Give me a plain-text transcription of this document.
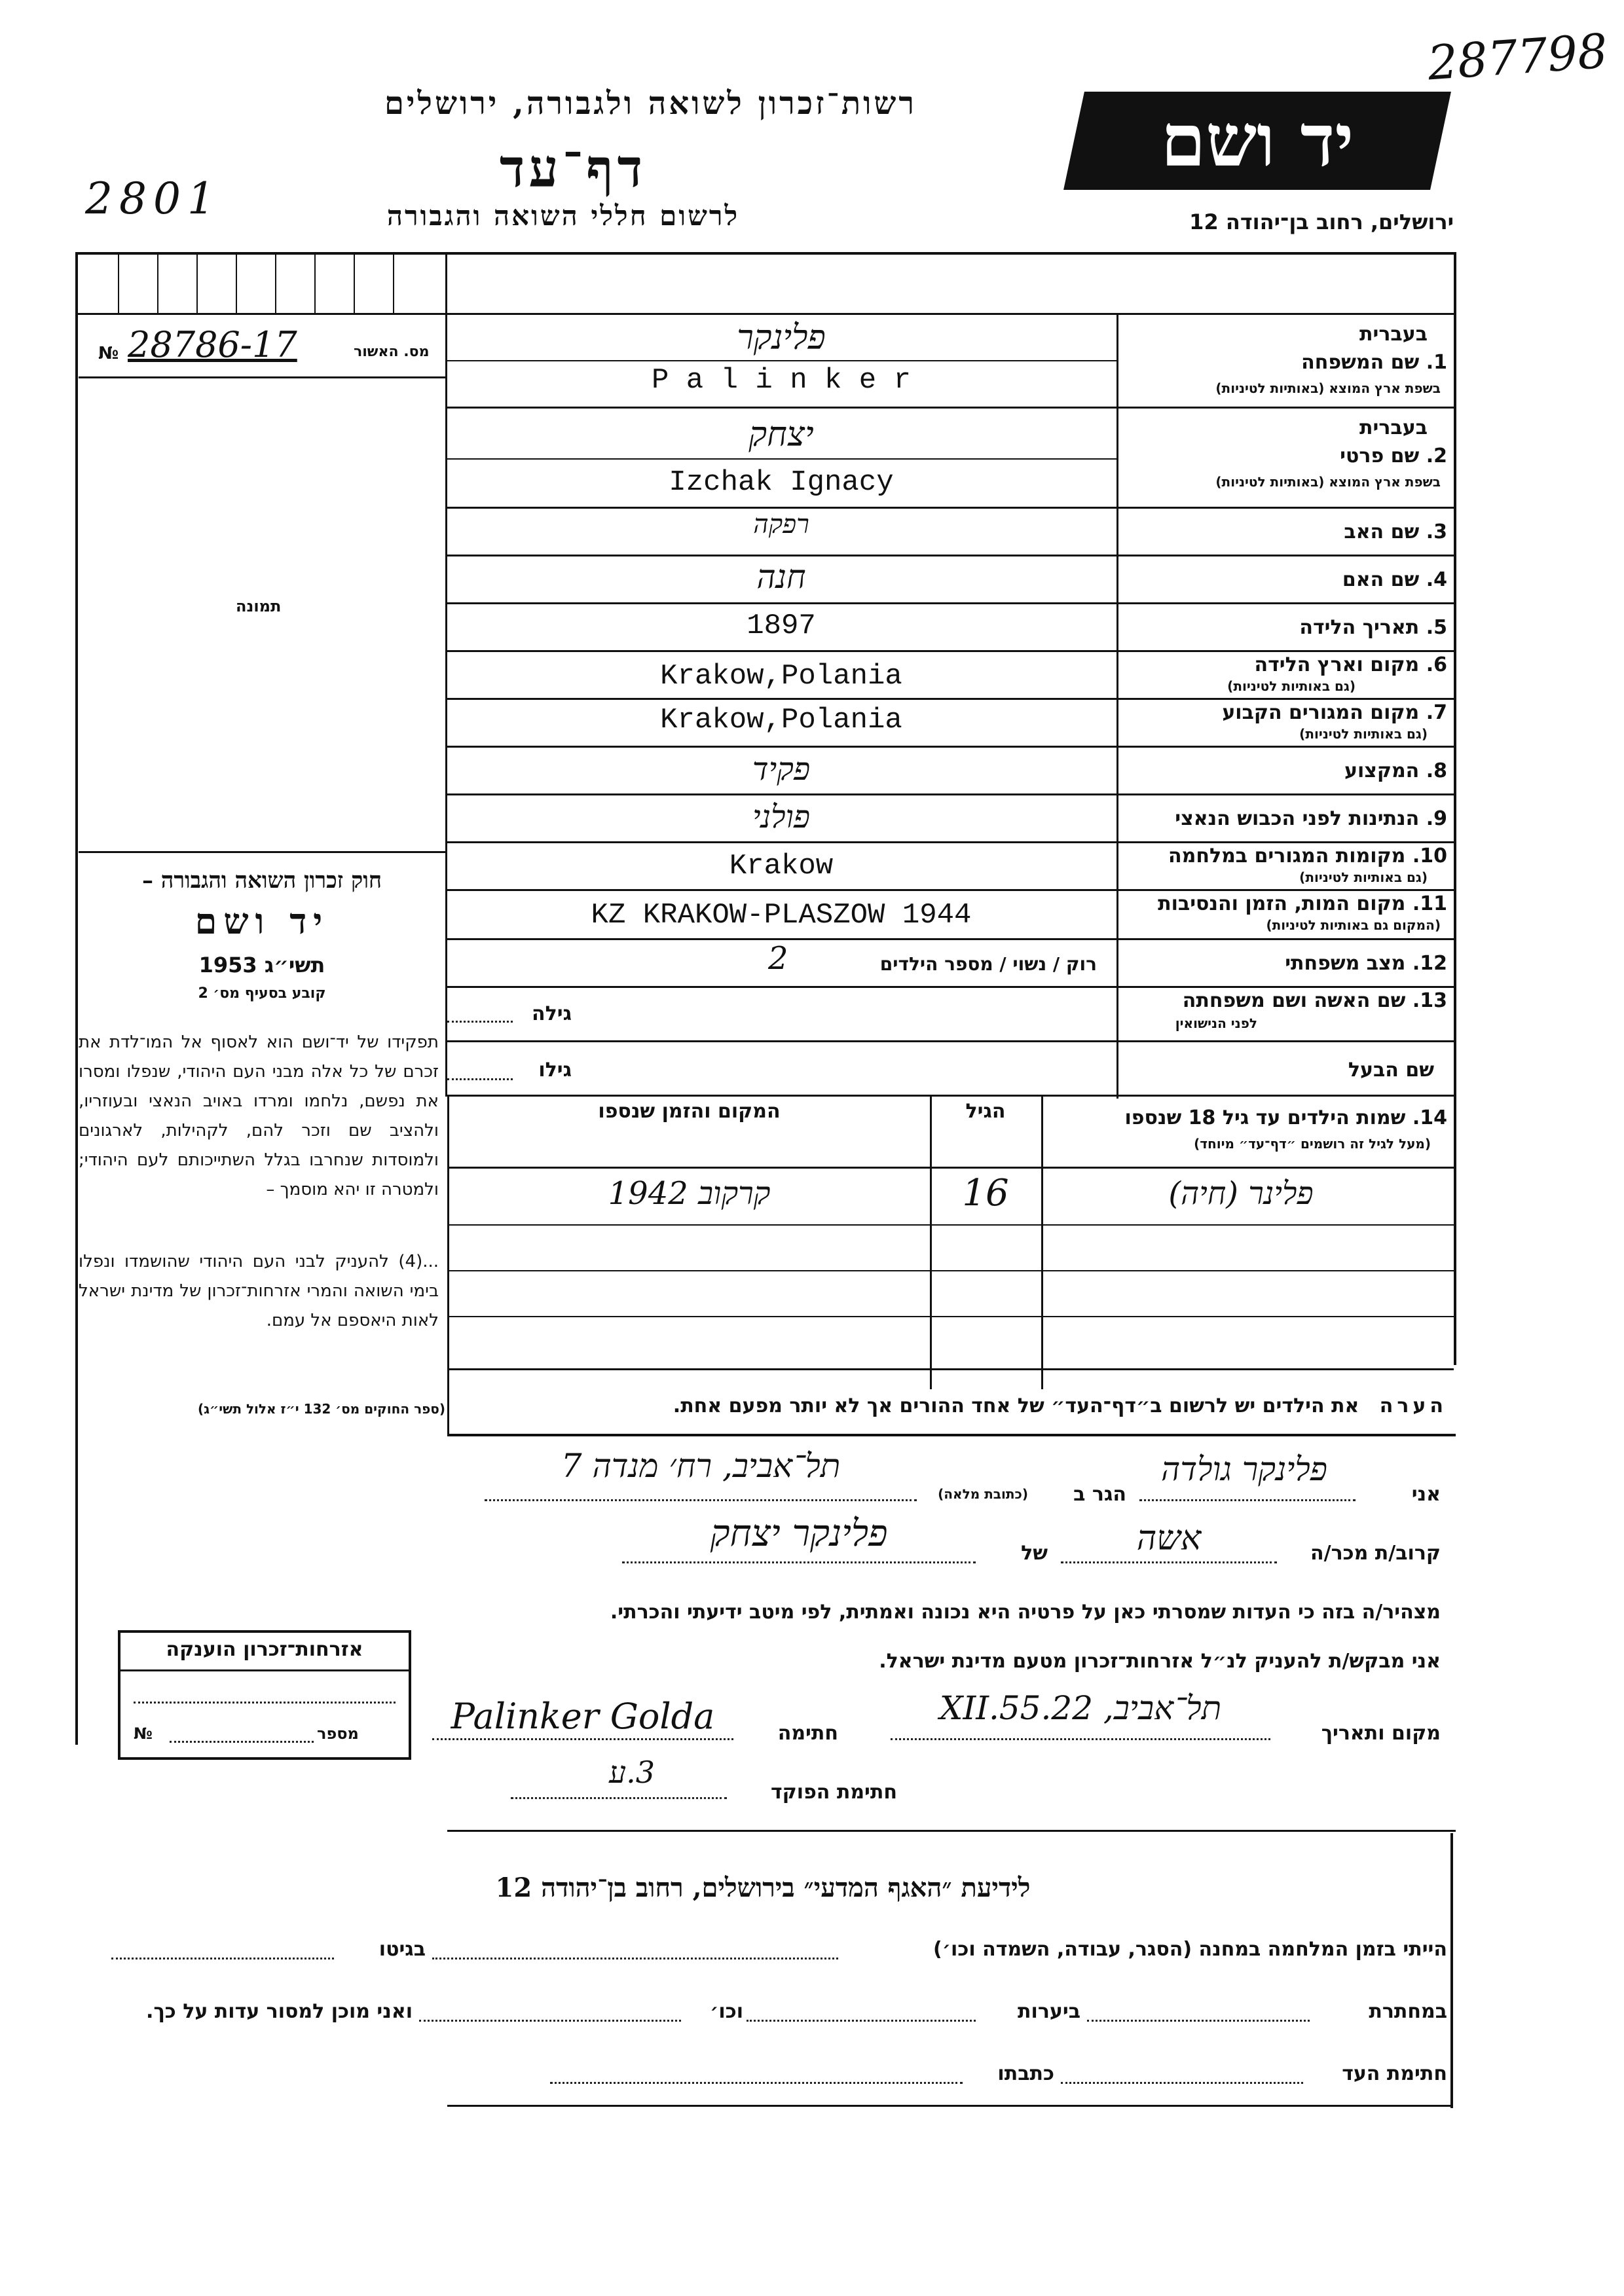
287798
רשות־זכרון לשואה ולגבורה, ירושלים
2801	דף־עד
לרשום חללי השואה והגבורה
יד ושם
ירושלים, רחוב בן־יהודה 12
מס. האשור
№ 28786-17
תמונה
חוק זכרון השואה והגבורה –
יד ושם
תשי״ג 1953
קובע בסעיף מס׳ 2
תפקידו של יד־ושם הוא לאסוף אל המו־לדת את זכרם של כל אלה מבני העם היהודי, שנפלו ומסרו את נפשם, נלחמו ומרדו באויב הנאצי ובעוזריו, ולהציב שם וזכר להם, לקהילות, לארגונים ולמוסדות שנחרבו בגלל השתייכותם לעם היהודי; ולמטרה זו יהא מוסמך –
...(4) להעניק לבני העם היהודי שהושמדו ונפלו בימי השואה והמרי אזרחות־זכרון של מדינת ישראל לאות היאספם אל עמם.
(ספר החוקים מס׳ 132 י״ז אלול תשי״ג)
בעברית
1. שם המשפחה
בשפת ארץ המוצא (באותיות לטיניות)
פלינקר
P a l i n k e r
בעברית
2. שם פרטי
בשפת ארץ המוצא (באותיות לטיניות)
יצחק
Izchak Ignacy
3. שם האב
רפקה
4. שם האם
חנה
5. תאריך הלידה
1897
6. מקום וארץ הלידה
(גם באותיות לטיניות)
Krakow,Polania
7. מקום המגורים הקבוע
(גם באותיות לטיניות)
Krakow,Polania
8. המקצוע
פקיד
9. הנתינות לפני הכבוש הנאצי
פולני
10. מקומות המגורים במלחמה
(גם באותיות לטיניות)
Krakow
11. מקום המות, הזמן והנסיבות
(המקום גם באותיות לטיניות)
KZ KRAKOW-PLASZOW 1944
12. מצב משפחתי
רוק / נשוי / מספר הילדים
2
13. שם האשה ושם משפחתה
לפני הנישואין
גילה
שם הבעל
גילו
14. שמות הילדים עד גיל 18 שנספו
(מעל לגיל זה רושמים ״דף־עד״ מיוחד)
הגיל
המקום והזמן שנספו
פלינר (חיה)
16
קרקוב 1942
הערה   את הילדים יש לרשום ב״דף־העד״ של אחד ההורים אך לא יותר מפעם אחת.
אני
פלינקר גולדה
הגר ב
(כתובת מלאה)
תל־אביב, רח׳ מנדה 7
קרוב/ת מכר/ה
אשה
של
פלינקר יצחק
מצהיר/ה בזה כי העדות שמסרתי כאן על פרטיה היא נכונה ואמתית, לפי מיטב ידיעתי והכרתי.
אני מבקש/ת להעניק לנ״ל אזרחות־זכרון מטעם מדינת ישראל.
מקום ותאריך
תל־אביב, 22.XII.55
חתימה
Palinker Golda
חתימת הפוקד
3.ע
אזרחות־זכרון הוענקה
№	מספר
לידיעת ״האגף המדעי״ בירושלים, רחוב בן־יהודה 12
הייתי בזמן המלחמה במחנה (הסגר, עבודה, השמדה וכו׳)
בגיטו
במחתרת
ביערות
וכו׳
ואני מוכן למסור עדות על כך.
חתימת העד
כתבתו
